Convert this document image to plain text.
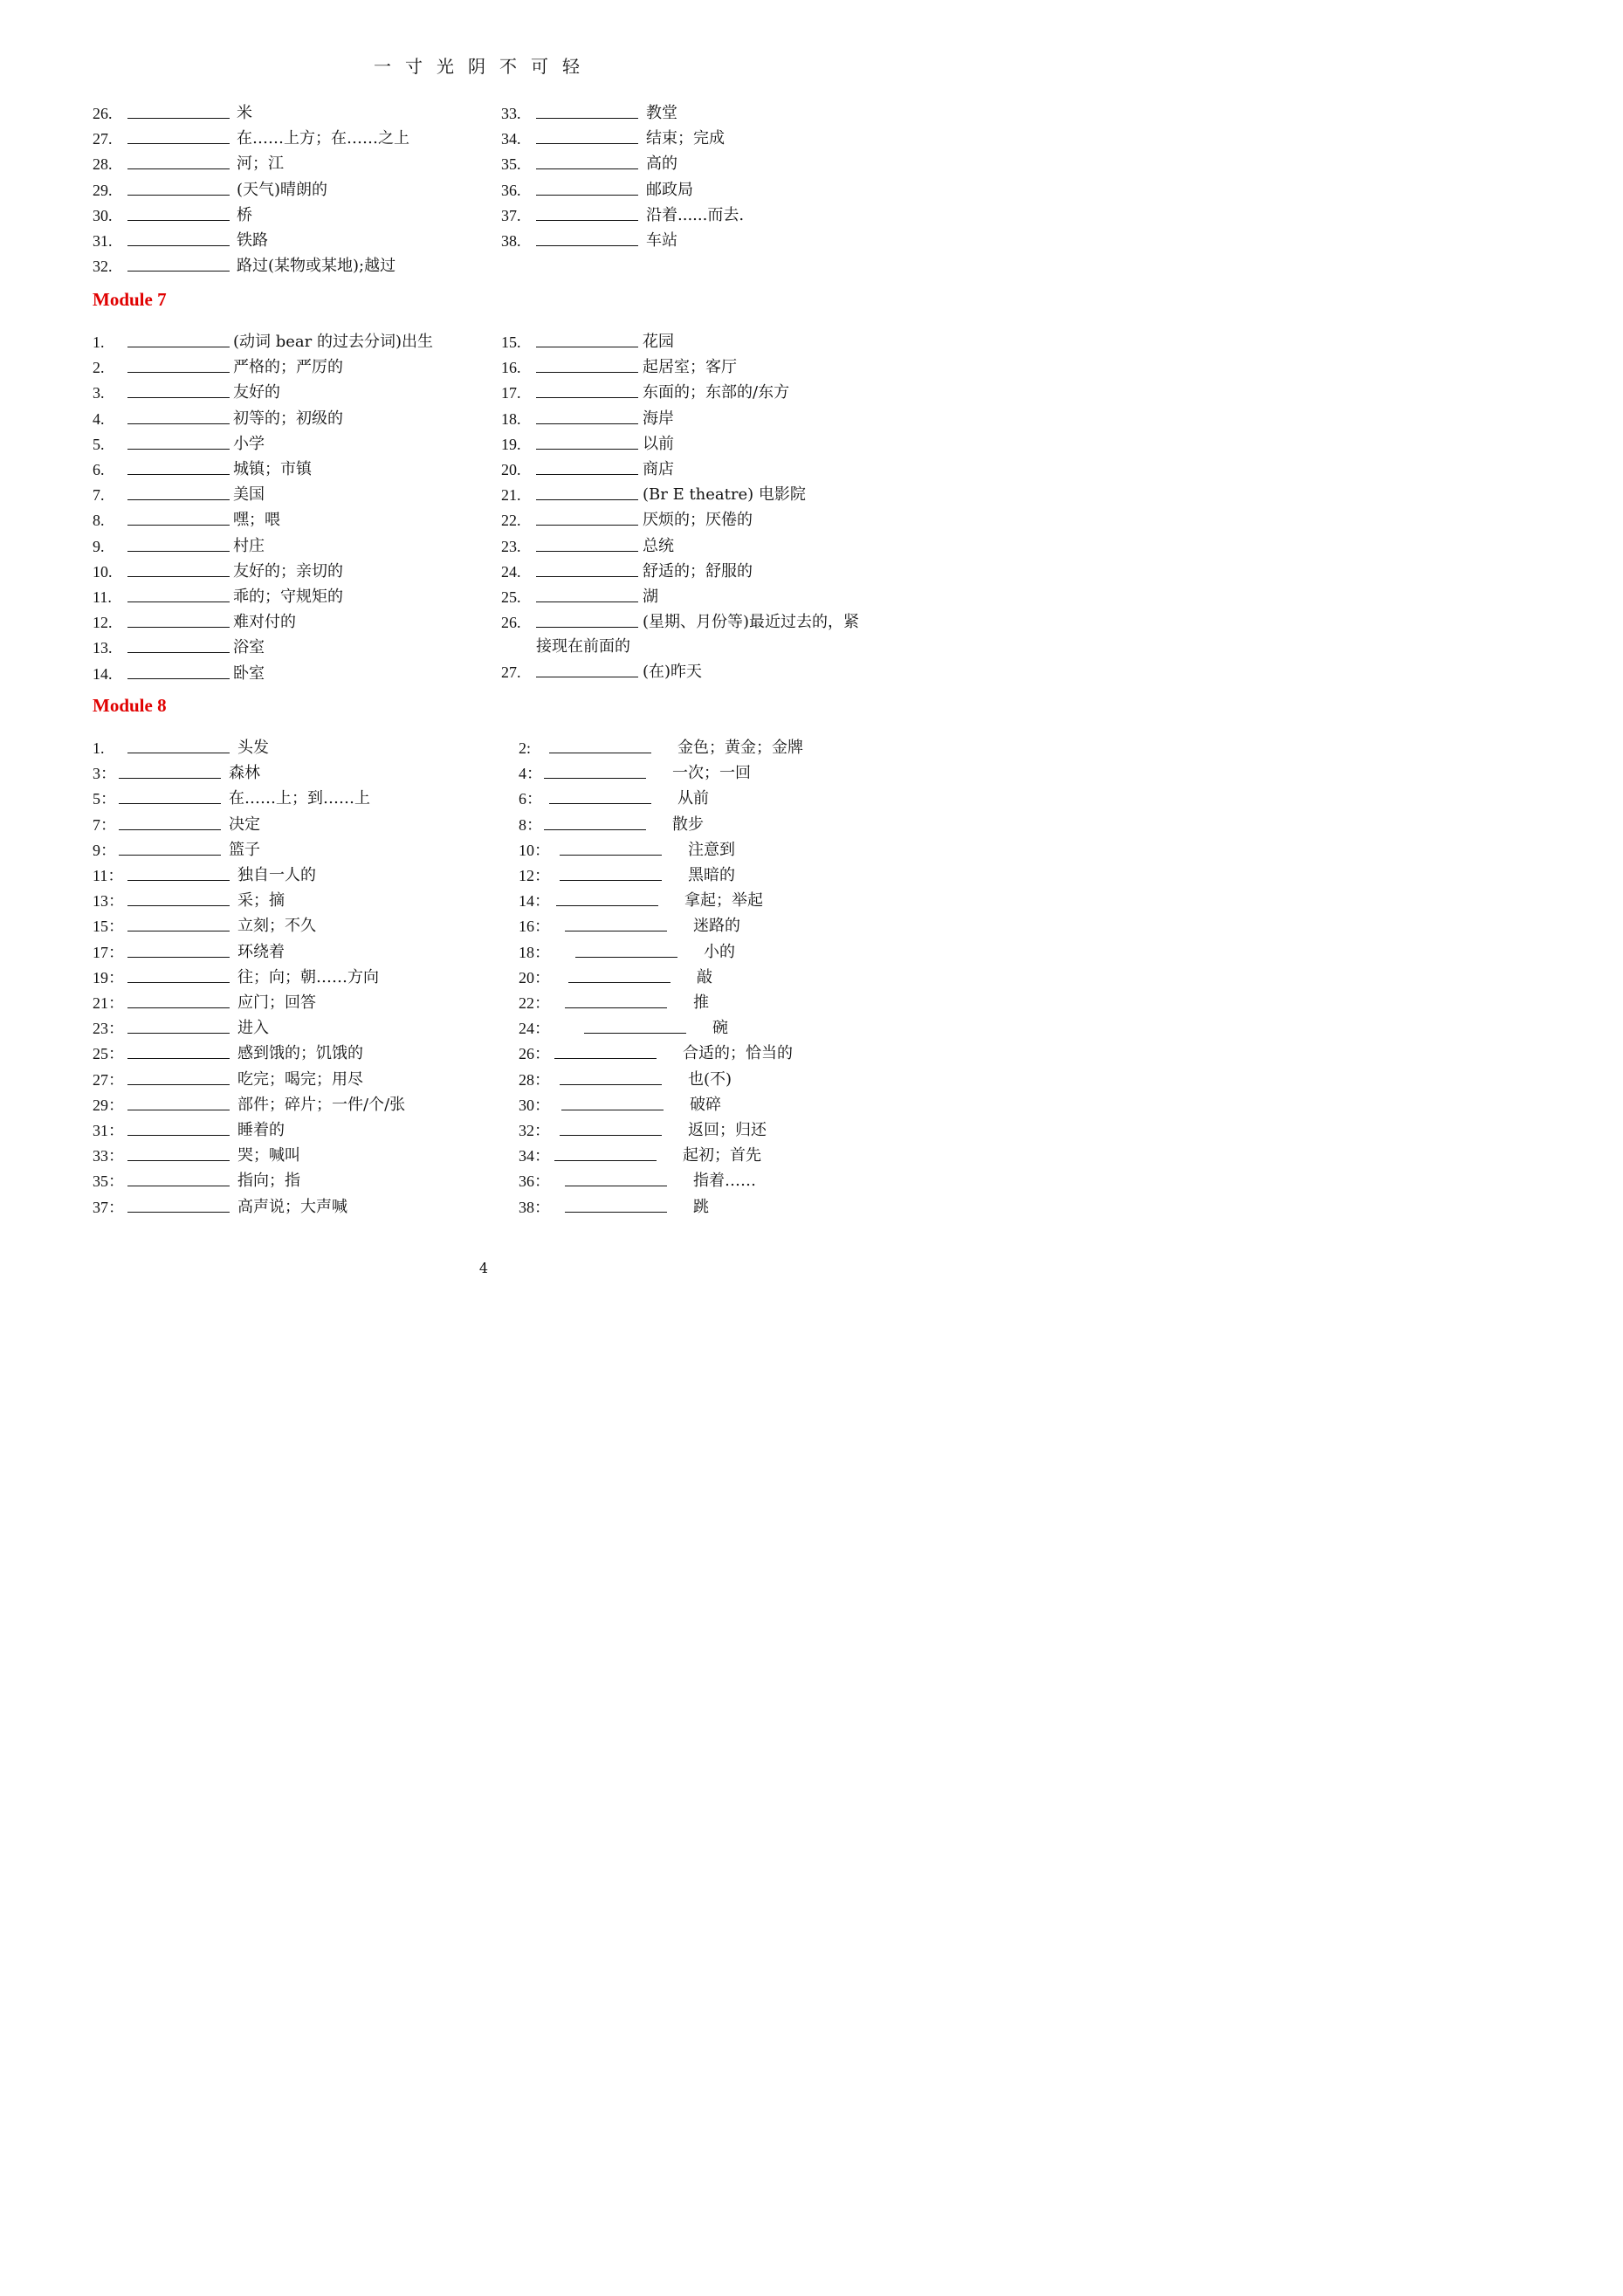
一寸光阴不可轻
26.	米
27.	在……上方；在……之上
28.	河；江
29.	(天气)晴朗的
30.	桥
31.	铁路
32.	路过(某物或某地);越过
33.	教堂
34.	结束；完成
35.	高的
36.	邮政局
37.	沿着......而去.
38.	车站
Module 7
1.	(动词 bear 的过去分词)出生
2.	严格的；严厉的
3.	友好的
4.	初等的；初级的
5.	小学
6.	城镇；市镇
7.	美国
8.	嘿；喂
9.	村庄
10.	友好的；亲切的
11.	乖的；守规矩的
12.	难对付的
13.	浴室
14.	卧室
15.	花园
16.	起居室；客厅
17.	东面的；东部的/东方
18.	海岸
19.	以前
20.	商店
21.	(Br E theatre) 电影院
22.	厌烦的；厌倦的
23.	总统
24.	舒适的；舒服的
25.	湖
26.	(星期、月份等)最近过去的，紧
27.	(在)昨天
接现在前面的
Module 8
1.	头发
3：	森林
5：	在……上；到……上
7：	决定
9：	篮子
11：	独自一人的
13：	采；摘
15：	立刻；不久
17：	环绕着
19：	往；向；朝……方向
21：	应门；回答
23：	进入
25：	感到饿的；饥饿的
27：	吃完；喝完；用尽
29：	部件；碎片；一件/个/张
31：	睡着的
33：	哭；喊叫
35：	指向；指
37：	高声说；大声喊
2:	金色；黄金；金牌
4：	一次；一回
6：	从前
8：	散步
10：	注意到
12：	黑暗的
14：	拿起；举起
16：	迷路的
18：	小的
20：	敲
22：	推
24：	碗
26：	合适的；恰当的
28：	也(不)
30：	破碎
32：	返回；归还
34：	起初；首先
36：	指着……
38：	跳
4
